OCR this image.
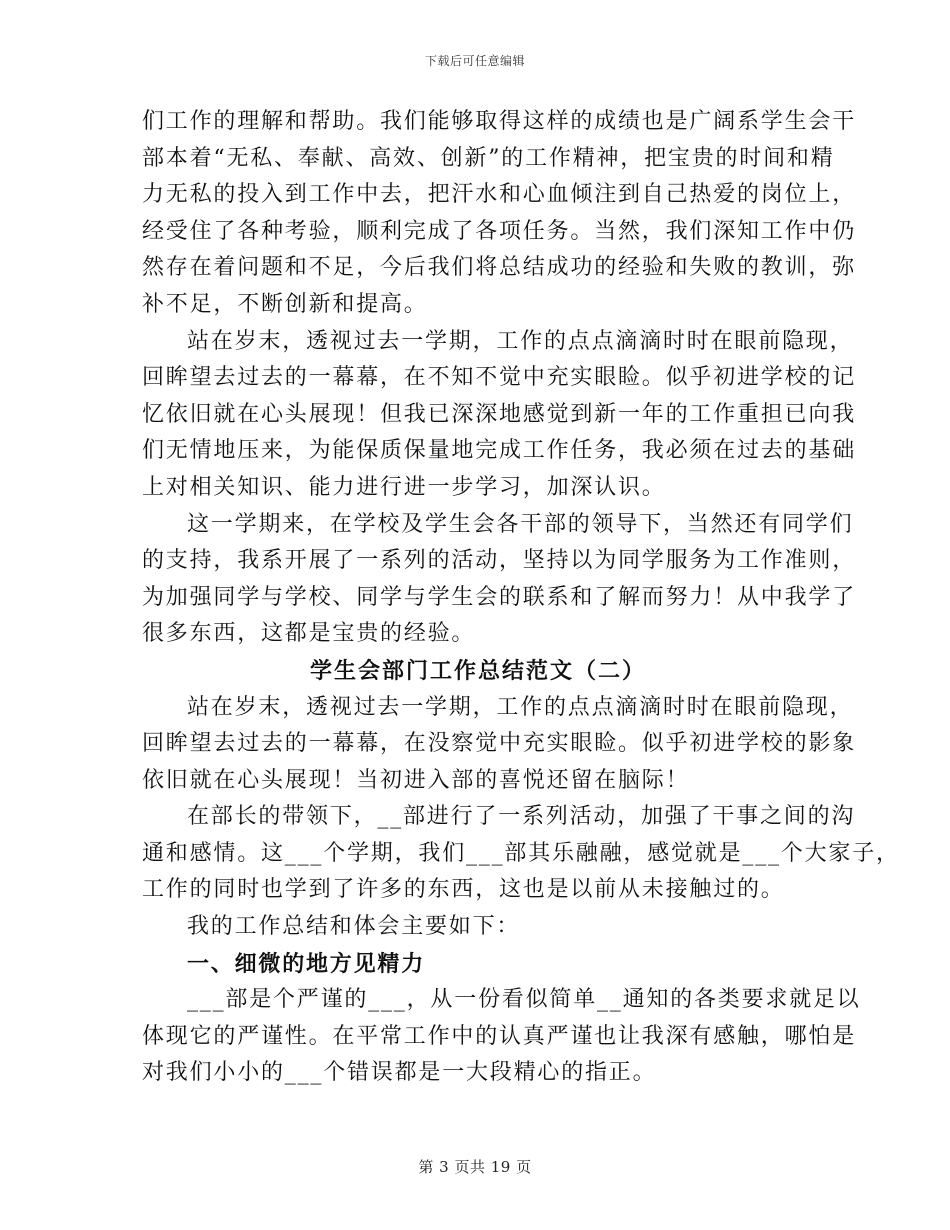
下载后可任意编辑
们工作的理解和帮助。我们能够取得这样的成绩也是广阔系学生会干
部本着“无私、奉献、高效、创新”的工作精神，把宝贵的时间和精
力无私的投入到工作中去，把汗水和心血倾注到自己热爱的岗位上，
经受住了各种考验，顺利完成了各项任务。当然，我们深知工作中仍
然存在着问题和不足，今后我们将总结成功的经验和失败的教训，弥
补不足，不断创新和提高。
站在岁末，透视过去一学期，工作的点点滴滴时时在眼前隐现，
回眸望去过去的一幕幕，在不知不觉中充实眼睑。似乎初进学校的记
忆依旧就在心头展现！但我已深深地感觉到新一年的工作重担已向我
们无情地压来，为能保质保量地完成工作任务，我必须在过去的基础
上对相关知识、能力进行进一步学习，加深认识。
这一学期来，在学校及学生会各干部的领导下，当然还有同学们
的支持，我系开展了一系列的活动，坚持以为同学服务为工作准则，
为加强同学与学校、同学与学生会的联系和了解而努力！从中我学了
很多东西，这都是宝贵的经验。
学生会部门工作总结范文（二）
站在岁末，透视过去一学期，工作的点点滴滴时时在眼前隐现，
回眸望去过去的一幕幕，在没察觉中充实眼睑。似乎初进学校的影象
依旧就在心头展现！当初进入部的喜悦还留在脑际！
在部长的带领下，__部进行了一系列活动，加强了干事之间的沟
通和感情。这___个学期，我们___部其乐融融，感觉就是___个大家子，
工作的同时也学到了许多的东西，这也是以前从未接触过的。
我的工作总结和体会主要如下：
一、细微的地方见精力
___部是个严谨的___，从一份看似简单__通知的各类要求就足以
体现它的严谨性。在平常工作中的认真严谨也让我深有感触，哪怕是
对我们小小的___个错误都是一大段精心的指正。
第 3 页共 19 页
